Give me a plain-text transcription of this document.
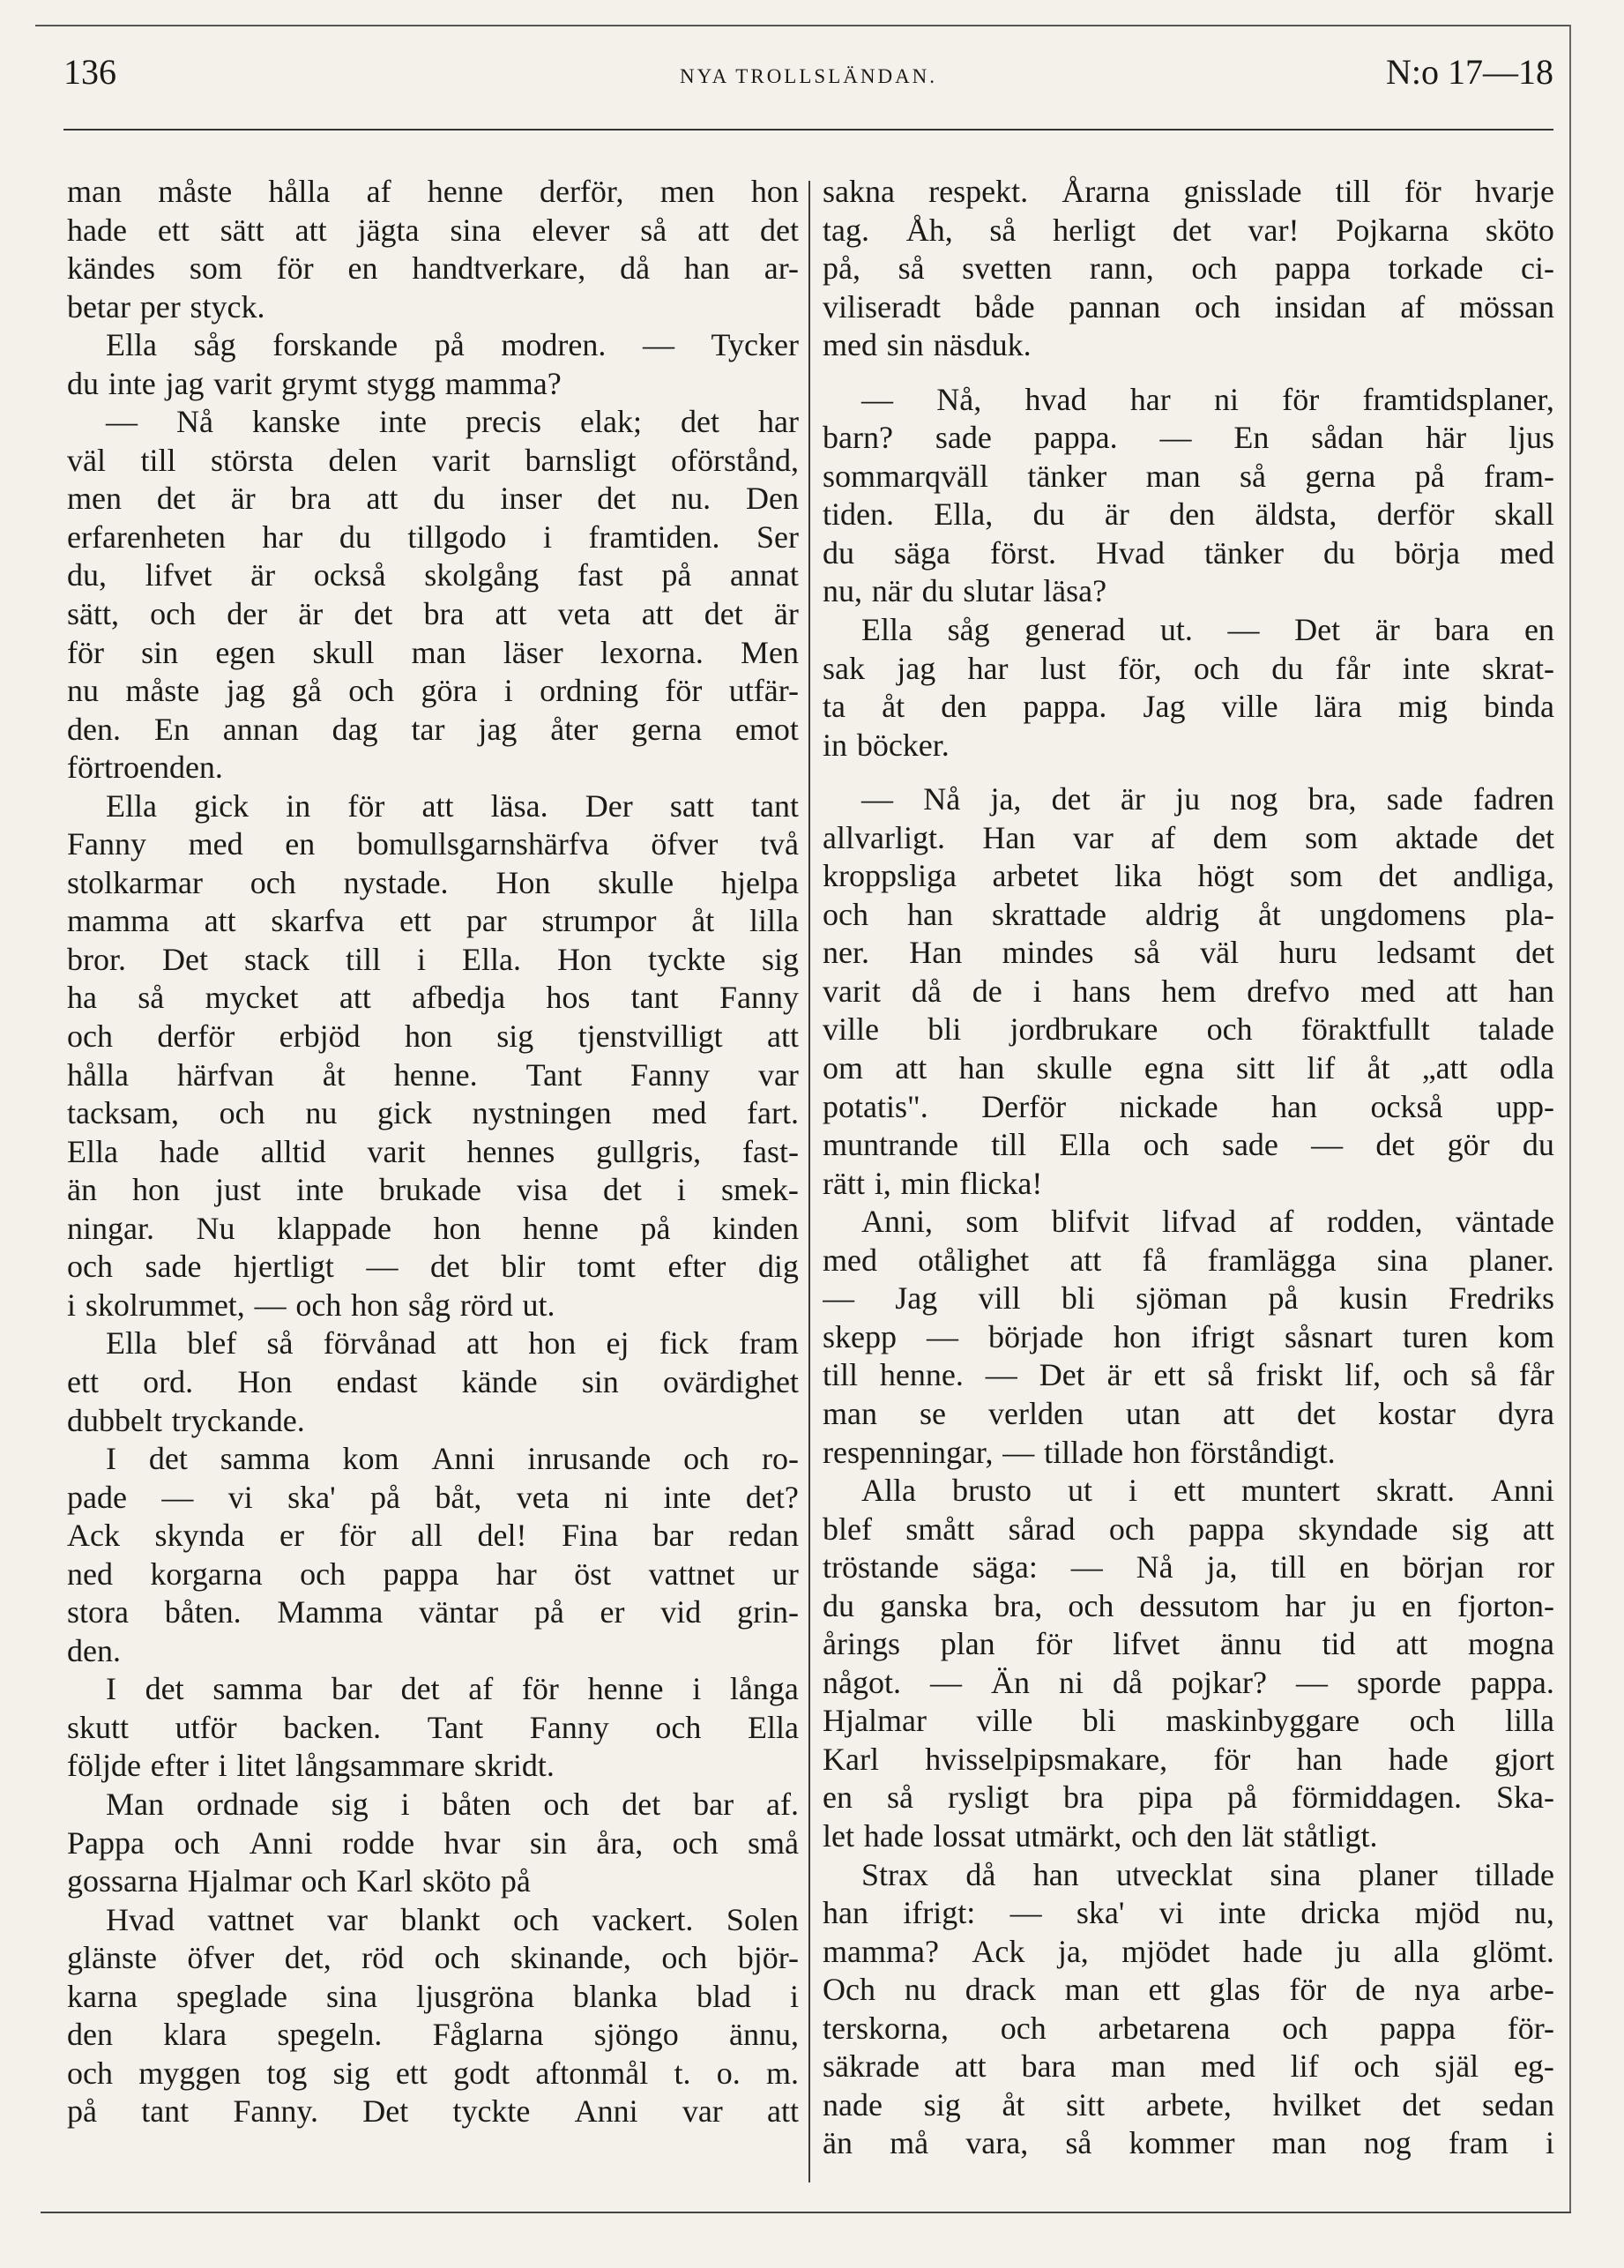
136	NYA TROLLSLÄNDAN.	N:o 17—18
man måste hålla af henne derför, men hon
hade ett sätt att jägta sina elever så att det
kändes som för en handtverkare, då han ar-
betar per styck.
Ella såg forskande på modren. — Tycker
du inte jag varit grymt stygg mamma?
— Nå kanske inte precis elak; det har
väl till största delen varit barnsligt oförstånd,
men det är bra att du inser det nu. Den
erfarenheten har du tillgodo i framtiden. Ser
du, lifvet är också skolgång fast på annat
sätt, och der är det bra att veta att det är
för sin egen skull man läser lexorna. Men
nu måste jag gå och göra i ordning för utfär-
den. En annan dag tar jag åter gerna emot
förtroenden.
Ella gick in för att läsa. Der satt tant
Fanny med en bomullsgarnshärfva öfver två
stolkarmar och nystade. Hon skulle hjelpa
mamma att skarfva ett par strumpor åt lilla
bror. Det stack till i Ella. Hon tyckte sig
ha så mycket att afbedja hos tant Fanny
och derför erbjöd hon sig tjenstvilligt att
hålla härfvan åt henne. Tant Fanny var
tacksam, och nu gick nystningen med fart.
Ella hade alltid varit hennes gullgris, fast-
än hon just inte brukade visa det i smek-
ningar. Nu klappade hon henne på kinden
och sade hjertligt — det blir tomt efter dig
i skolrummet, — och hon såg rörd ut.
Ella blef så förvånad att hon ej fick fram
ett ord. Hon endast kände sin ovärdighet
dubbelt tryckande.
I det samma kom Anni inrusande och ro-
pade — vi ska' på båt, veta ni inte det?
Ack skynda er för all del! Fina bar redan
ned korgarna och pappa har öst vattnet ur
stora båten. Mamma väntar på er vid grin-
den.
I det samma bar det af för henne i långa
skutt utför backen. Tant Fanny och Ella
följde efter i litet långsammare skridt.
Man ordnade sig i båten och det bar af.
Pappa och Anni rodde hvar sin åra, och små
gossarna Hjalmar och Karl sköto på
Hvad vattnet var blankt och vackert. Solen
glänste öfver det, röd och skinande, och björ-
karna speglade sina ljusgröna blanka blad i
den klara spegeln. Fåglarna sjöngo ännu,
och myggen tog sig ett godt aftonmål t. o. m.
på tant Fanny. Det tyckte Anni var att
sakna respekt. Årarna gnisslade till för hvarje
tag. Åh, så herligt det var! Pojkarna sköto
på, så svetten rann, och pappa torkade ci-
viliseradt både pannan och insidan af mössan
med sin näsduk.
— Nå, hvad har ni för framtidsplaner,
barn? sade pappa. — En sådan här ljus
sommarqväll tänker man så gerna på fram-
tiden. Ella, du är den äldsta, derför skall
du säga först. Hvad tänker du börja med
nu, när du slutar läsa?
Ella såg generad ut. — Det är bara en
sak jag har lust för, och du får inte skrat-
ta åt den pappa. Jag ville lära mig binda
in böcker.
— Nå ja, det är ju nog bra, sade fadren
allvarligt. Han var af dem som aktade det
kroppsliga arbetet lika högt som det andliga,
och han skrattade aldrig åt ungdomens pla-
ner. Han mindes så väl huru ledsamt det
varit då de i hans hem drefvo med att han
ville bli jordbrukare och föraktfullt talade
om att han skulle egna sitt lif åt „att odla
potatis". Derför nickade han också upp-
muntrande till Ella och sade — det gör du
rätt i, min flicka!
Anni, som blifvit lifvad af rodden, väntade
med otålighet att få framlägga sina planer.
— Jag vill bli sjöman på kusin Fredriks
skepp — började hon ifrigt såsnart turen kom
till henne. — Det är ett så friskt lif, och så får
man se verlden utan att det kostar dyra
respenningar, — tillade hon förståndigt.
Alla brusto ut i ett muntert skratt. Anni
blef smått sårad och pappa skyndade sig att
tröstande säga: — Nå ja, till en början ror
du ganska bra, och dessutom har ju en fjorton-
årings plan för lifvet ännu tid att mogna
något. — Än ni då pojkar? — sporde pappa.
Hjalmar ville bli maskinbyggare och lilla
Karl hvisselpipsmakare, för han hade gjort
en så rysligt bra pipa på förmiddagen. Ska-
let hade lossat utmärkt, och den lät ståtligt.
Strax då han utvecklat sina planer tillade
han ifrigt: — ska' vi inte dricka mjöd nu,
mamma? Ack ja, mjödet hade ju alla glömt.
Och nu drack man ett glas för de nya arbe-
terskorna, och arbetarena och pappa för-
säkrade att bara man med lif och själ eg-
nade sig åt sitt arbete, hvilket det sedan
än må vara, så kommer man nog fram i
